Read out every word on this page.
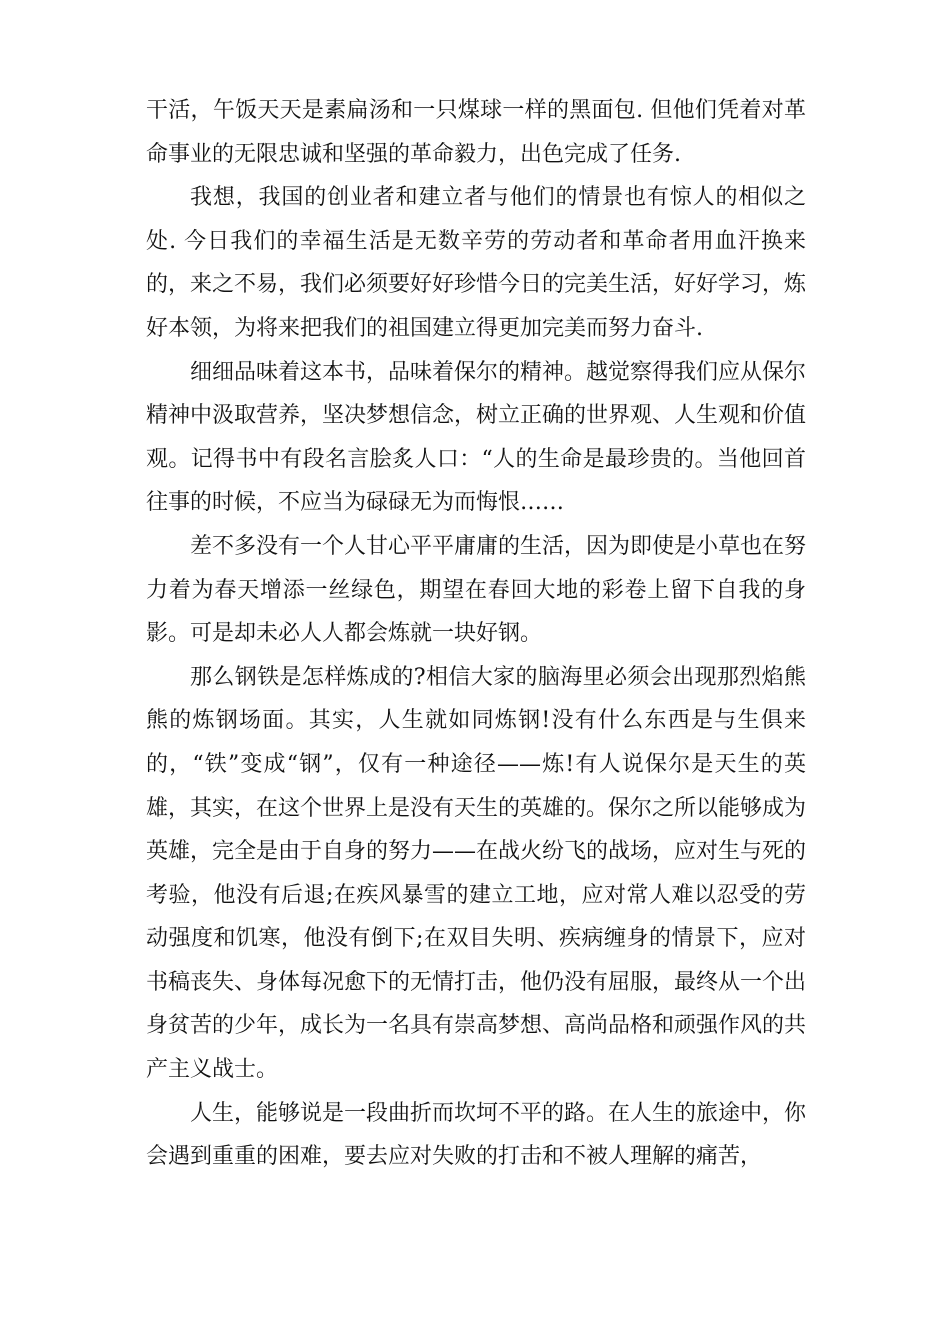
干活，午饭天天是素扁汤和一只煤球一样的黑面包. 但他们凭着对革命事业的无限忠诚和坚强的革命毅力，出色完成了任务.

我想，我国的创业者和建立者与他们的情景也有惊人的相似之处. 今日我们的幸福生活是无数辛劳的劳动者和革命者用血汗换来的，来之不易，我们必须要好好珍惜今日的完美生活，好好学习，炼好本领，为将来把我们的祖国建立得更加完美而努力奋斗.

细细品味着这本书，品味着保尔的精神。越觉察得我们应从保尔精神中汲取营养，坚决梦想信念，树立正确的世界观、人生观和价值观。记得书中有段名言脍炙人口：“人的生命是最珍贵的。当他回首往事的时候，不应当为碌碌无为而悔恨……

差不多没有一个人甘心平平庸庸的生活，因为即使是小草也在努力着为春天增添一丝绿色，期望在春回大地的彩卷上留下自我的身影。可是却未必人人都会炼就一块好钢。

那么钢铁是怎样炼成的?相信大家的脑海里必须会出现那烈焰熊熊的炼钢场面。其实，人生就如同炼钢!没有什么东西是与生俱来的，“铁”变成“钢”，仅有一种途径——炼!有人说保尔是天生的英雄，其实，在这个世界上是没有天生的英雄的。保尔之所以能够成为英雄，完全是由于自身的努力——在战火纷飞的战场，应对生与死的考验，他没有后退;在疾风暴雪的建立工地，应对常人难以忍受的劳动强度和饥寒，他没有倒下;在双目失明、疾病缠身的情景下，应对书稿丧失、身体每况愈下的无情打击，他仍没有屈服，最终从一个出身贫苦的少年，成长为一名具有崇高梦想、高尚品格和顽强作风的共产主义战士。

人生，能够说是一段曲折而坎坷不平的路。在人生的旅途中，你会遇到重重的困难，要去应对失败的打击和不被人理解的痛苦，
